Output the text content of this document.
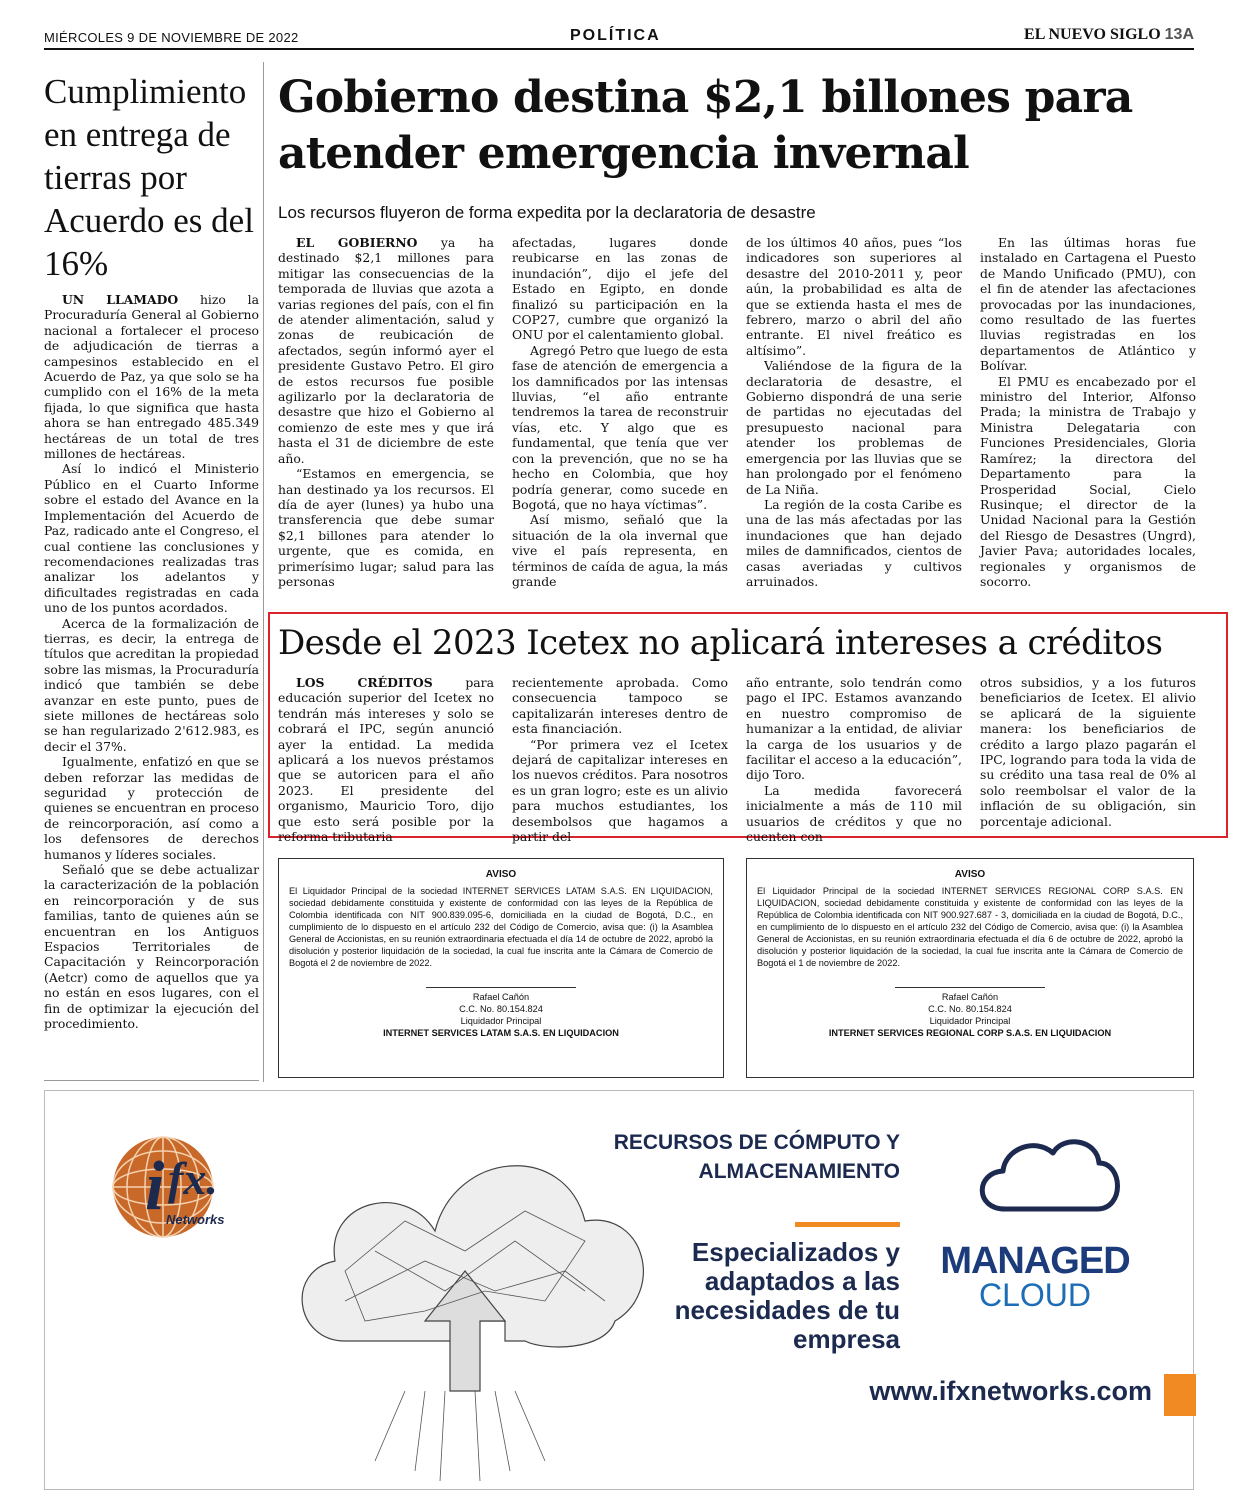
MIÉRCOLES 9 DE NOVIEMBRE DE 2022	POLÍTICA	EL NUEVO SIGLO 13A
Cumplimiento en entrega de tierras por Acuerdo es del 16%

UN LLAMADO hizo la Procuraduría General al Gobierno nacional a fortalecer el proceso de adjudicación de tierras a campesinos establecido en el Acuerdo de Paz, ya que solo se ha cumplido con el 16% de la meta fijada, lo que significa que hasta ahora se han entregado 485.349 hectáreas de un total de tres millones de hectáreas.

Así lo indicó el Ministerio Público en el Cuarto Informe sobre el estado del Avance en la Implementación del Acuerdo de Paz, radicado ante el Congreso, el cual contiene las conclusiones y recomendaciones realizadas tras analizar los adelantos y dificultades registradas en cada uno de los puntos acordados.

Acerca de la formalización de tierras, es decir, la entrega de títulos que acreditan la propiedad sobre las mismas, la Procuraduría indicó que también se debe avanzar en este punto, pues de siete millones de hectáreas solo se han regularizado 2'612.983, es decir el 37%.

Igualmente, enfatizó en que se deben reforzar las medidas de seguridad y protección de quienes se encuentran en proceso de reincorporación, así como a los defensores de derechos humanos y líderes sociales.

Señaló que se debe actualizar la caracterización de la población en reincorporación y de sus familias, tanto de quienes aún se encuentran en los Antiguos Espacios Territoriales de Capacitación y Reincorporación (Aetcr) como de aquellos que ya no están en esos lugares, con el fin de optimizar la ejecución del procedimiento.

Gobierno destina $2,1 billones para atender emergencia invernal
Los recursos fluyeron de forma expedita por la declaratoria de desastre

EL GOBIERNO ya ha destinado $2,1 millones para mitigar las consecuencias de la temporada de lluvias que azota a varias regiones del país, con el fin de atender alimentación, salud y zonas de reubicación de afectados, según informó ayer el presidente Gustavo Petro. El giro de estos recursos fue posible agilizarlo por la declaratoria de desastre que hizo el Gobierno al comienzo de este mes y que irá hasta el 31 de diciembre de este año.

“Estamos en emergencia, se han destinado ya los recursos. El día de ayer (lunes) ya hubo una transferencia que debe sumar $2,1 billones para atender lo urgente, que es comida, en primerísimo lugar; salud para las personas

afectadas, lugares donde reubicarse en las zonas de inundación”, dijo el jefe del Estado en Egipto, en donde finalizó su participación en la COP27, cumbre que organizó la ONU por el calentamiento global.

Agregó Petro que luego de esta fase de atención de emergencia a los damnificados por las intensas lluvias, “el año entrante tendremos la tarea de reconstruir vías, etc. Y algo que es fundamental, que tenía que ver con la prevención, que no se ha hecho en Colombia, que hoy podría generar, como sucede en Bogotá, que no haya víctimas”.

Así mismo, señaló que la situación de la ola invernal que vive el país representa, en términos de caída de agua, la más grande

de los últimos 40 años, pues “los indicadores son superiores al desastre del 2010-2011 y, peor aún, la probabilidad es alta de que se extienda hasta el mes de febrero, marzo o abril del año entrante. El nivel freático es altísimo”.

Valiéndose de la figura de la declaratoria de desastre, el Gobierno dispondrá de una serie de partidas no ejecutadas del presupuesto nacional para atender los problemas de emergencia por las lluvias que se han prolongado por el fenómeno de La Niña.

La región de la costa Caribe es una de las más afectadas por las inundaciones que han dejado miles de damnificados, cientos de casas averiadas y cultivos arruinados.

En las últimas horas fue instalado en Cartagena el Puesto de Mando Unificado (PMU), con el fin de atender las afectaciones provocadas por las inundaciones, como resultado de las fuertes lluvias registradas en los departamentos de Atlántico y Bolívar.

El PMU es encabezado por el ministro del Interior, Alfonso Prada; la ministra de Trabajo y Ministra Delegataria con Funciones Presidenciales, Gloria Ramírez; la directora del Departamento para la Prosperidad Social, Cielo Rusinque; el director de la Unidad Nacional para la Gestión del Riesgo de Desastres (Ungrd), Javier Pava; autoridades locales, regionales y organismos de socorro.

Desde el 2023 Icetex no aplicará intereses a créditos

LOS CRÉDITOS para educación superior del Icetex no tendrán más intereses y solo se cobrará el IPC, según anunció ayer la entidad. La medida aplicará a los nuevos préstamos que se autoricen para el año 2023. El presidente del organismo, Mauricio Toro, dijo que esto será posible por la reforma tributaria

recientemente aprobada. Como consecuencia tampoco se capitalizarán intereses dentro de esta financiación.

“Por primera vez el Icetex dejará de capitalizar intereses en los nuevos créditos. Para nosotros es un gran logro; este es un alivio para muchos estudiantes, los desembolsos que hagamos a partir del

año entrante, solo tendrán como pago el IPC. Estamos avanzando en nuestro compromiso de humanizar a la entidad, de aliviar la carga de los usuarios y de facilitar el acceso a la educación”, dijo Toro.

La medida favorecerá inicialmente a más de 110 mil usuarios de créditos y que no cuenten con

otros subsidios, y a los futuros beneficiarios de Icetex. El alivio se aplicará de la siguiente manera: los beneficiarios de crédito a largo plazo pagarán el IPC, logrando para toda la vida de su crédito una tasa real de 0% al solo reembolsar el valor de la inflación de su obligación, sin porcentaje adicional.

AVISO
El Liquidador Principal de la sociedad INTERNET SERVICES LATAM S.A.S. EN LIQUIDACION, sociedad debidamente constituida y existente de conformidad con las leyes de la República de Colombia identificada con NIT 900.839.095-6, domiciliada en la ciudad de Bogotá, D.C., en cumplimiento de lo dispuesto en el artículo 232 del Código de Comercio, avisa que: (i) la Asamblea General de Accionistas, en su reunión extraordinaria efectuada el día 14 de octubre de 2022, aprobó la disolución y posterior liquidación de la sociedad, la cual fue inscrita ante la Cámara de Comercio de Bogotá el 2 de noviembre de 2022.
Rafael Cañón
C.C. No. 80.154.824
Liquidador Principal
INTERNET SERVICES LATAM S.A.S. EN LIQUIDACION
AVISO
El Liquidador Principal de la sociedad INTERNET SERVICES REGIONAL CORP S.A.S. EN LIQUIDACION, sociedad debidamente constituida y existente de conformidad con las leyes de la República de Colombia identificada con NIT 900.927.687 - 3, domiciliada en la ciudad de Bogotá, D.C., en cumplimiento de lo dispuesto en el artículo 232 del Código de Comercio, avisa que: (i) la Asamblea General de Accionistas, en su reunión extraordinaria efectuada el día 6 de octubre de 2022, aprobó la disolución y posterior liquidación de la sociedad, la cual fue inscrita ante la Cámara de Comercio de Bogotá el 1 de noviembre de 2022.
Rafael Cañón
C.C. No. 80.154.824
Liquidador Principal
INTERNET SERVICES REGIONAL CORP S.A.S. EN LIQUIDACION
i fx.
Networks
RECURSOS DE CÓMPUTO Y ALMACENAMIENTO
Especializados y adaptados a las necesidades de tu empresa
MANAGED
CLOUD
www.ifxnetworks.com
